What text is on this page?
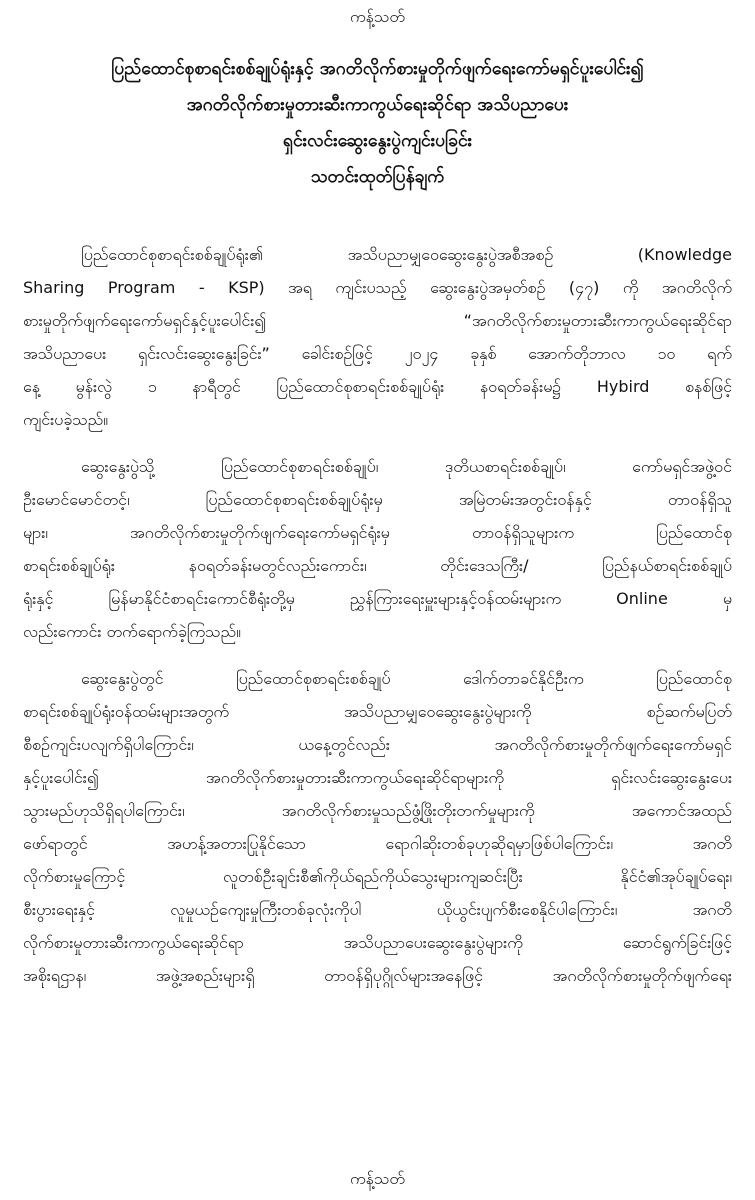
ကန့်သတ်
ပြည်ထောင်စုစာရင်းစစ်ချုပ်ရုံးနှင့် အဂတိလိုက်စားမှုတိုက်ဖျက်ရေးကော်မရှင်ပူးပေါင်း၍
အဂတိလိုက်စားမှုတားဆီးကာကွယ်ရေးဆိုင်ရာ အသိပညာပေး
ရှင်းလင်းဆွေးနွေးပွဲကျင်းပခြင်း
သတင်းထုတ်ပြန်ချက်
ပြည်ထောင်စုစာရင်းစစ်ချုပ်ရုံး၏ အသိပညာမျှဝေဆွေးနွေးပွဲအစီအစဉ် (Knowledge
Sharing Program - KSP) အရ ကျင်းပသည့် ဆွေးနွေးပွဲအမှတ်စဉ် (၄၇) ကို အဂတိလိုက်
စားမှုတိုက်ဖျက်ရေးကော်မရှင်နှင့်ပူးပေါင်း၍ “အဂတိလိုက်စားမှုတားဆီးကာကွယ်ရေးဆိုင်ရာ
အသိပညာပေး ရှင်းလင်းဆွေးနွေးခြင်း” ခေါင်းစဉ်ဖြင့် ၂၀၂၄ ခုနှစ် အောက်တိုဘာလ ၁၀ ရက်
နေ့ မွန်းလွဲ ၁ နာရီတွင် ပြည်ထောင်စုစာရင်းစစ်ချုပ်ရုံး နဝရတ်ခန်းမ၌ Hybird စနစ်ဖြင့်
ကျင်းပခဲ့သည်။
ဆွေးနွေးပွဲသို့ ပြည်ထောင်စုစာရင်းစစ်ချုပ်၊ ဒုတိယစာရင်းစစ်ချုပ်၊ ကော်မရှင်အဖွဲ့ဝင်
ဦးမောင်မောင်တင့်၊ ပြည်ထောင်စုစာရင်းစစ်ချုပ်ရုံးမှ အမြဲတမ်းအတွင်းဝန်နှင့် တာဝန်ရှိသူ
များ၊ အဂတိလိုက်စားမှုတိုက်ဖျက်ရေးကော်မရှင်ရုံးမှ တာဝန်ရှိသူများက ပြည်ထောင်စု
စာရင်းစစ်ချုပ်ရုံး နဝရတ်ခန်းမတွင်လည်းကောင်း၊ တိုင်းဒေသကြီး/ ပြည်နယ်စာရင်းစစ်ချုပ်
ရုံးနှင့် မြန်မာနိုင်ငံစာရင်းကောင်စီရုံးတို့မှ ညွှန်ကြားရေးမှူးများနှင့်ဝန်ထမ်းများက Online မှ
လည်းကောင်း တက်ရောက်ခဲ့ကြသည်။
ဆွေးနွေးပွဲတွင် ပြည်ထောင်စုစာရင်းစစ်ချုပ် ဒေါက်တာခင်နိုင်ဦးက ပြည်ထောင်စု
စာရင်းစစ်ချုပ်ရုံးဝန်ထမ်းများအတွက် အသိပညာမျှဝေဆွေးနွေးပွဲများကို စဉ်ဆက်မပြတ်
စီစဉ်ကျင်းပလျက်ရှိပါကြောင်း၊ ယနေ့တွင်လည်း အဂတိလိုက်စားမှုတိုက်ဖျက်ရေးကော်မရှင်
နှင့်ပူးပေါင်း၍ အဂတိလိုက်စားမှုတားဆီးကာကွယ်ရေးဆိုင်ရာများကို ရှင်းလင်းဆွေးနွေးပေး
သွားမည်ဟုသိရှိရပါကြောင်း၊ အဂတိလိုက်စားမှုသည်ဖွံ့ဖြိုးတိုးတက်မှုများကို အကောင်အထည်
ဖော်ရာတွင် အဟန့်အတားပြုနိုင်သော ရောဂါဆိုးတစ်ခုဟုဆိုရမှာဖြစ်ပါကြောင်း၊ အဂတိ
လိုက်စားမှုကြောင့် လူတစ်ဦးချင်းစီ၏ကိုယ်ရည်ကိုယ်သွေးများကျဆင်းပြီး နိုင်ငံ၏အုပ်ချုပ်ရေး၊
စီးပွားရေးနှင့် လူမှုယဉ်ကျေးမှုကြီးတစ်ခုလုံးကိုပါ ယိုယွင်းပျက်စီးစေနိုင်ပါကြောင်း၊ အဂတိ
လိုက်စားမှုတားဆီးကာကွယ်ရေးဆိုင်ရာ အသိပညာပေးဆွေးနွေးပွဲများကို ဆောင်ရွက်ခြင်းဖြင့်
အစိုးရဌာန၊ အဖွဲ့အစည်းများရှိ တာဝန်ရှိပုဂ္ဂိုလ်များအနေဖြင့် အဂတိလိုက်စားမှုတိုက်ဖျက်ရေး
ကန့်သတ်
